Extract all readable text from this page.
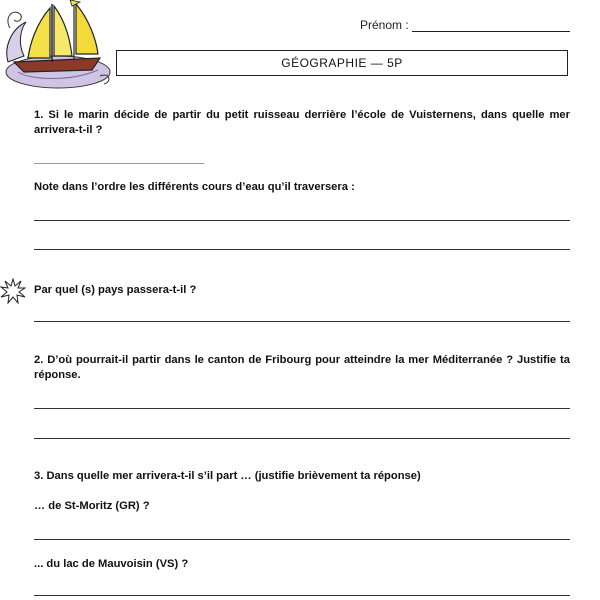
Prénom :
GÉOGRAPHIE — 5P
1. Si le marin décide de partir du petit ruisseau derrière l’école de Vuisternens, dans quelle mer arrivera-t-il ?
Note dans l’ordre les différents cours d’eau qu’il traversera :
Par quel (s) pays passera-t-il ?
2. D’où pourrait-il partir dans le canton de Fribourg pour atteindre la mer Méditerranée ? Justifie ta réponse.
3. Dans quelle mer arrivera-t-il s’il part … (justifie brièvement ta réponse)
… de St-Moritz (GR) ?
... du lac de Mauvoisin (VS) ?
